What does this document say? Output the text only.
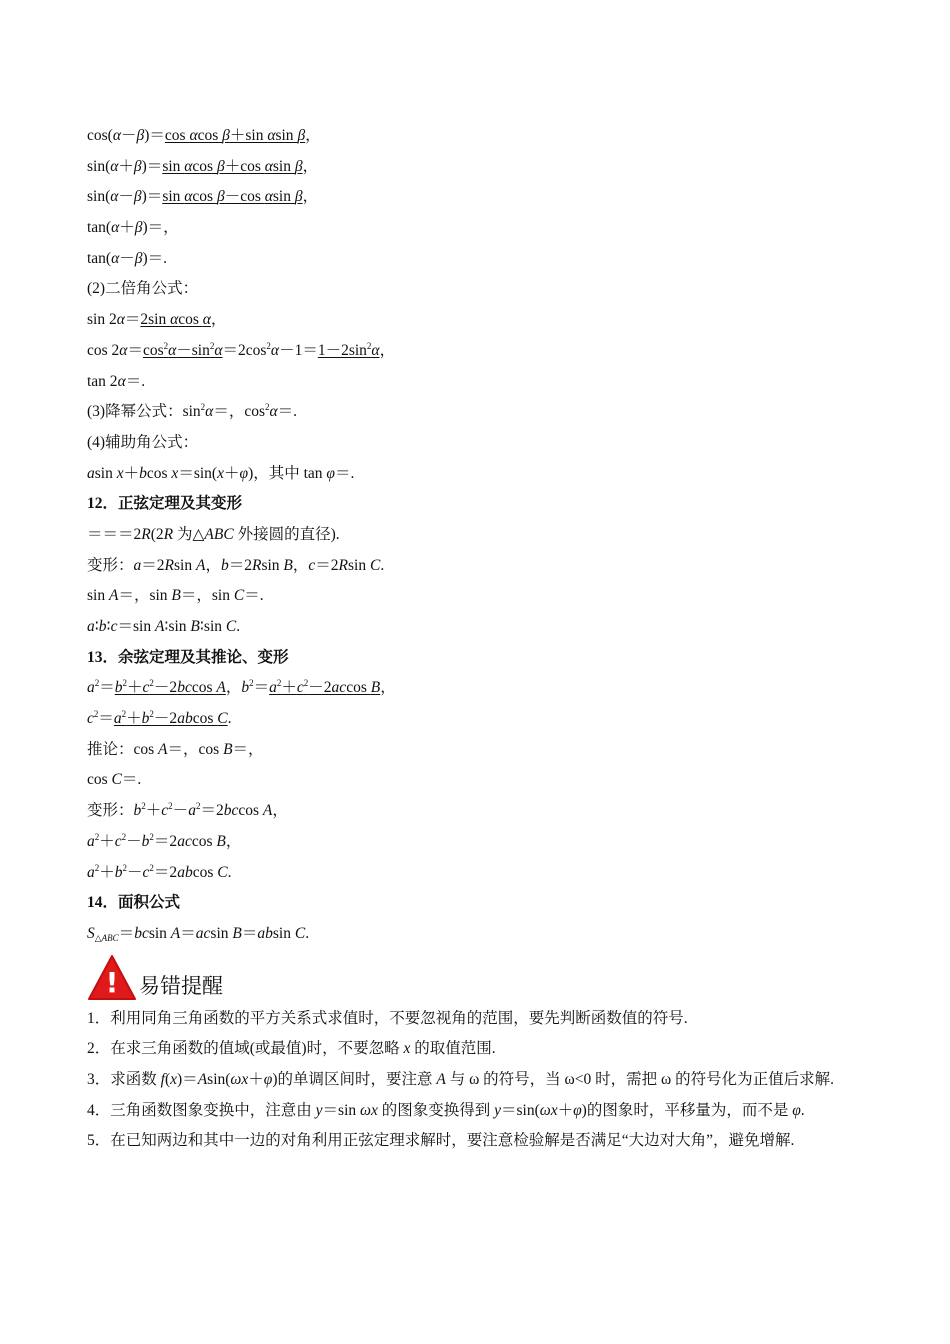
cos(α－β)＝cos αcos β＋sin αsin β，
sin(α＋β)＝sin αcos β＋cos αsin β，
sin(α－β)＝sin αcos β－cos αsin β，
tan(α＋β)＝，
tan(α－β)＝.
(2)二倍角公式：
sin 2α＝2sin αcos α，
$\cos 2\alpha=\cos^2\alpha-\sin^2\alpha=2\cos^2\alpha-1=1-2\sin^2\alpha$，
tan 2α＝.
(3)降幂公式：$\sin^2\alpha=$，$\cos^2\alpha=$.
(4)辅助角公式：
asin x＋bcos x＝sin(x＋φ)，其中 tan φ＝.
12．正弦定理及其变形
＝＝＝2R(2R 为△ABC 外接圆的直径).
变形：a＝2Rsin A，b＝2Rsin B，c＝2Rsin C.
sin A＝，sin B＝，sin C＝.
a∶b∶c＝sin A∶sin B∶sin C.
13．余弦定理及其推论、变形
$a^2=b^2+c^2-2bccos$ A，$b^2=a^2+c^2-2accos$ B，
$c^2=a^2+b^2-2abcos$ C.
推论：cos A＝，cos B＝，
cos C＝.
变形：$b^2+c^2-a^2=2bccos$ A，
$a^2+c^2-b^2=2accos$ B，
$a^2+b^2-c^2=2abcos$ C.
14．面积公式
$S_{\triangle ABC}=bcsin$ A＝acsin B＝absin C.
! 易错提醒
1．利用同角三角函数的平方关系式求值时，不要忽视角的范围，要先判断函数值的符号.
2．在求三角函数的值域(或最值)时，不要忽略 x 的取值范围.
3．求函数 f(x)＝Asin(ωx＋φ)的单调区间时，要注意 A 与 ω 的符号，当 ω<0 时，需把 ω 的符号化为正值后求解.
4．三角函数图象变换中，注意由 y＝sin ωx 的图象变换得到 y＝sin(ωx＋φ)的图象时，平移量为，而不是 φ.
5．在已知两边和其中一边的对角利用正弦定理求解时，要注意检验解是否满足“大边对大角”，避免增解.
